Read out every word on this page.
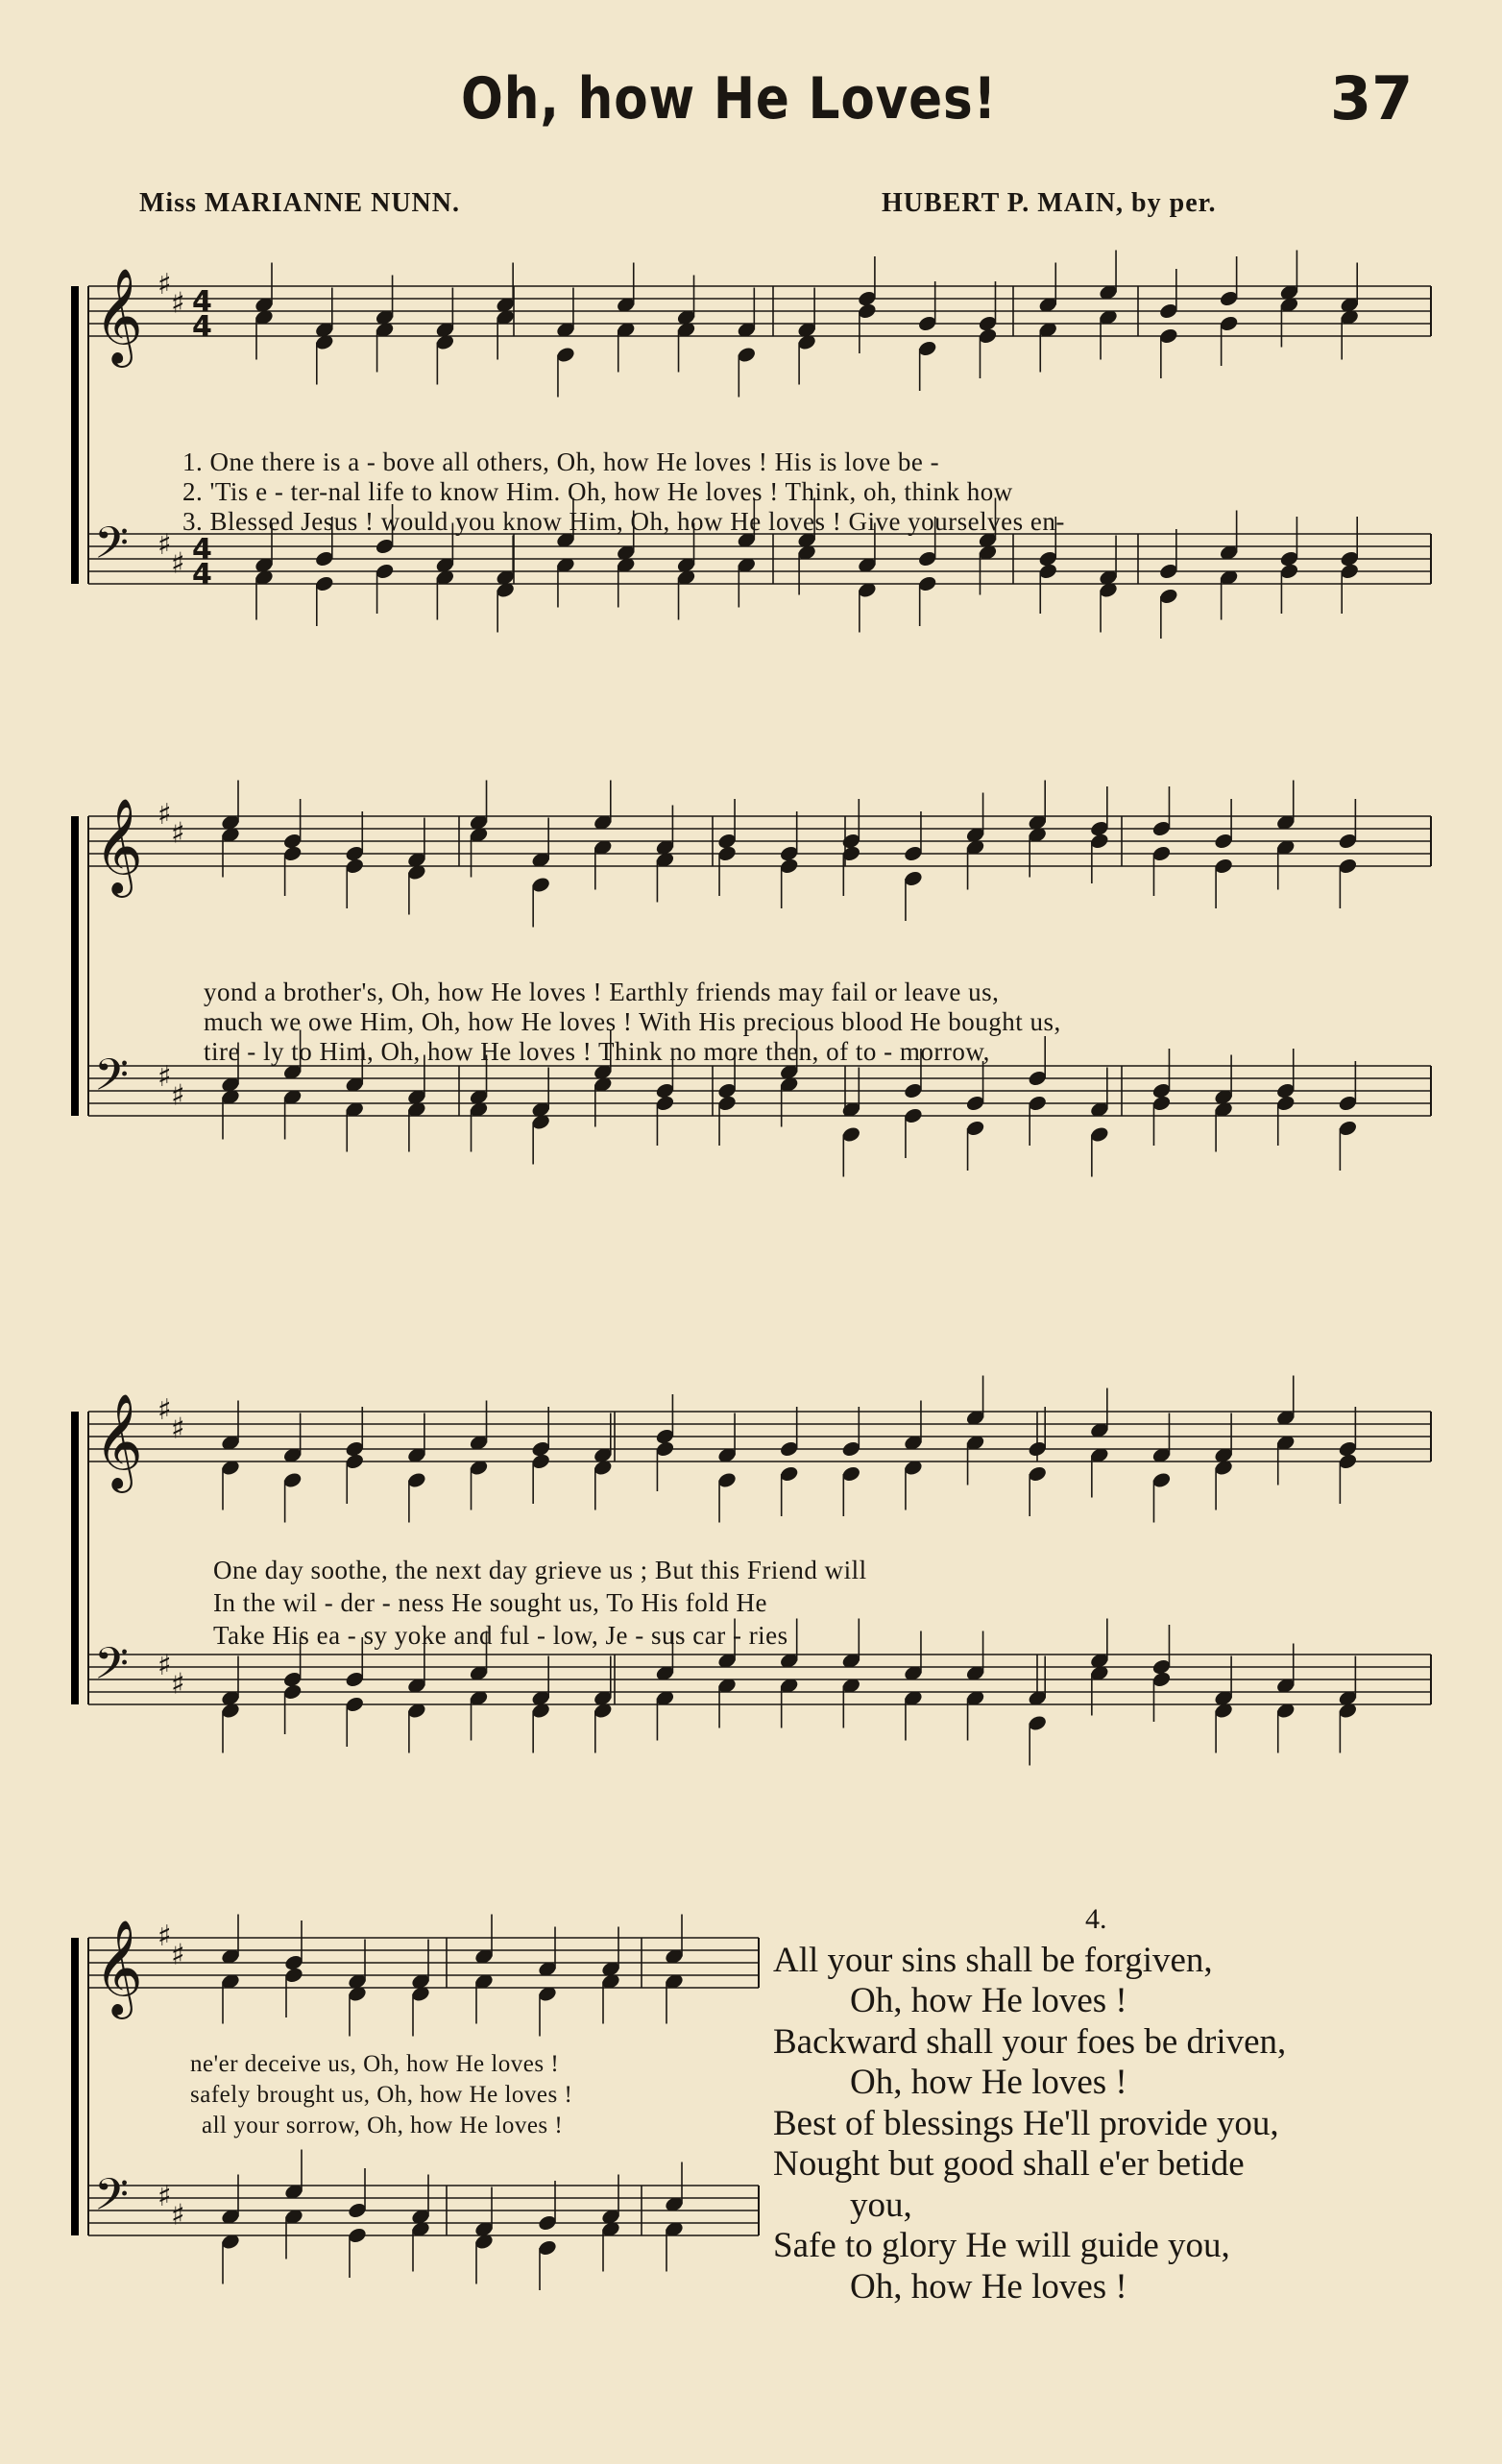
Oh, how He Loves!	37
Miss MARIANNE NUNN.	HUBERT P. MAIN, by per.
𝄞 ♯
♯ 4
4
𝄢 ♯
♯ 4
4
𝄞 ♯
♯
𝄢 ♯
♯
𝄞 ♯
♯
𝄢 ♯
♯
𝄞 ♯
♯
𝄢 ♯
♯
1. One there is a - bove all others, Oh, how He loves ! His is love be -
2. 'Tis e - ter-nal life to know Him. Oh, how He loves ! Think, oh, think how
3. Blessed Jesus ! would you know Him, Oh, how He loves ! Give yourselves en-
yond a brother's, Oh, how He loves ! Earthly friends may fail or leave us,
much we owe Him, Oh, how He loves ! With His precious blood He bought us,
tire - ly to Him, Oh, how He loves ! Think no more then, of to - morrow,
One day soothe, the next day grieve us ; But this Friend will
In the wil - der - ness He sought us, To His fold He
Take His ea - sy yoke and ful - low, Je - sus car - ries
ne'er deceive us, Oh, how He loves !
safely brought us, Oh, how He loves !
all your sorrow, Oh, how He loves !
4.
All your sins shall be forgiven,
Oh, how He loves !
Backward shall your foes be driven,
Oh, how He loves !
Best of blessings He'll provide you,
Nought but good shall e'er betide
you,
Safe to glory He will guide you,
Oh, how He loves !
